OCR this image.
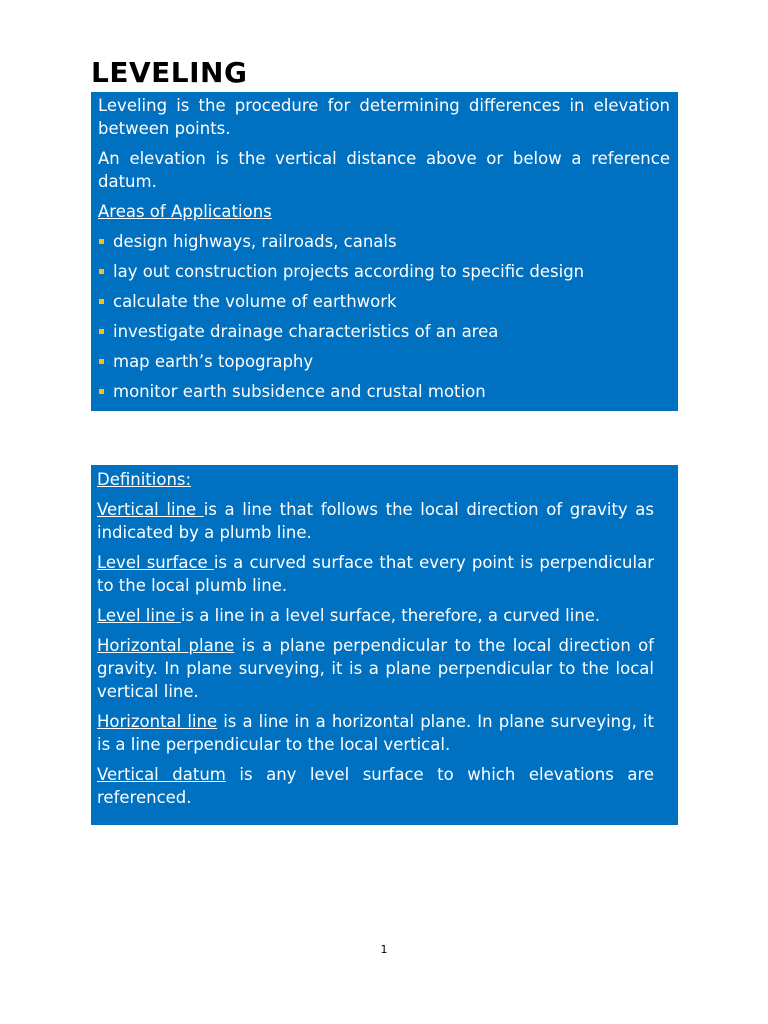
LEVELING

Leveling is the procedure for determining differences in elevation between points.

An elevation is the vertical distance above or below a reference datum.

Areas of Applications

design highways, railroads, canals
lay out construction projects according to specific design
calculate the volume of earthwork
investigate drainage characteristics of an area
map earth’s topography
monitor earth subsidence and crustal motion

Definitions:

Vertical line is a line that follows the local direction of gravity as indicated by a plumb line.

Level surface is a curved surface that every point is perpendicular to the local plumb line.

Level line is a line in a level surface, therefore, a curved line.

Horizontal plane is a plane perpendicular to the local direction of gravity. In plane surveying, it is a plane perpendicular to the local vertical line.

Horizontal line is a line in a horizontal plane. In plane surveying, it is a line perpendicular to the local vertical.

Vertical datum is any level surface to which elevations are referenced.

1
